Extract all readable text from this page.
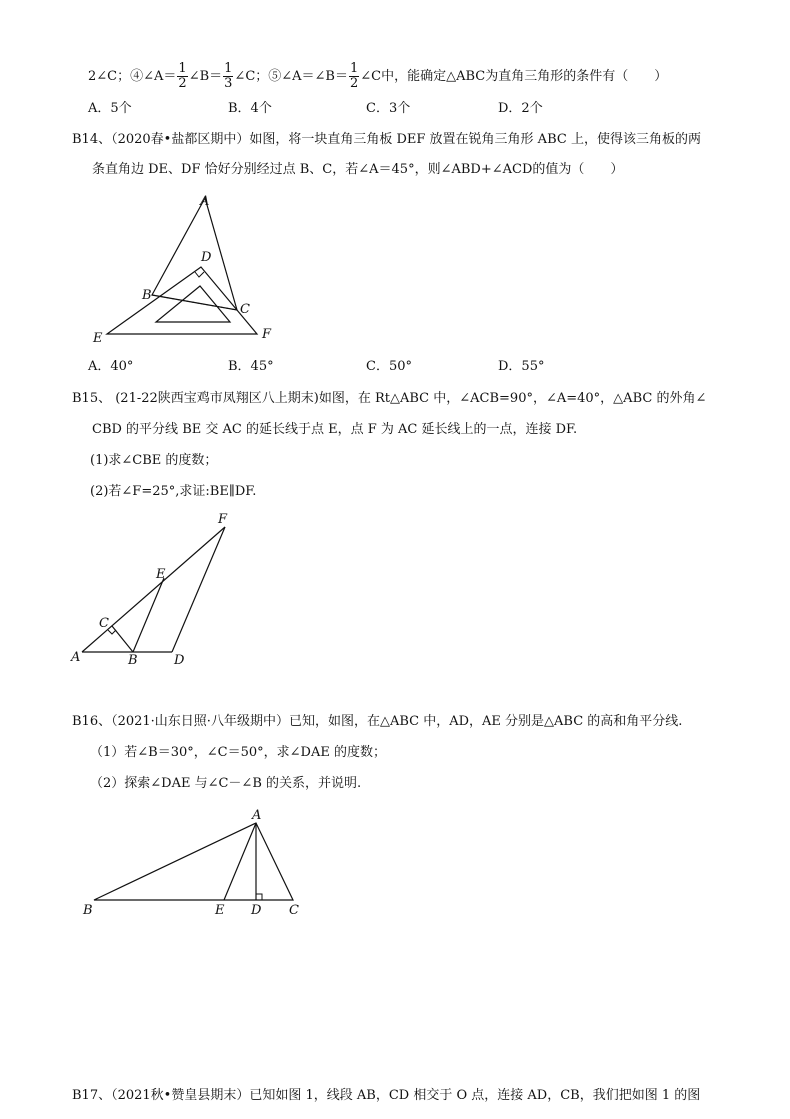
2∠C；④∠A＝ $\frac{1}{2}$ ∠B＝ $\frac{1}{3}$ ∠C；⑤∠A＝∠B＝ $\frac{1}{2}$ ∠C中，能确定△ABC为直角三角形的条件有（　　）
A．5个	B．4个	C．3个	D．2个
B14、（2020春•盐都区期中）如图，将一块直角三角板 DEF 放置在锐角三角形 ABC 上，使得该三角板的两
条直角边 DE、DF 恰好分别经过点 B、C，若∠A＝45°，则∠ABD+∠ACD的值为（　　）
A
D
B
C
E	F
A．40°	B．45°	C．50°	D．55°
B15、 (21-22陕西宝鸡市凤翔区八上期末)如图，在 Rt△ABC 中，∠ACB=90°，∠A=40°，△ABC 的外角∠
CBD 的平分线 BE 交 AC 的延长线于点 E，点 F 为 AC 延长线上的一点，连接 DF.
(1)求∠CBE 的度数；
(2)若∠F=25°,求证:BE∥DF.
F
E
C
A	B	D
B16、（2021·山东日照·八年级期中）已知，如图，在△ABC 中，AD，AE 分别是△ABC 的高和角平分线.
（1）若∠B＝30°，∠C＝50°，求∠DAE 的度数；
（2）探索∠DAE 与∠C－∠B 的关系，并说明.
A
B	E D C
B17、（2021秋•赞皇县期末）已知如图 1，线段 AB，CD 相交于 O 点，连接 AD，CB，我们把如图 1 的图
